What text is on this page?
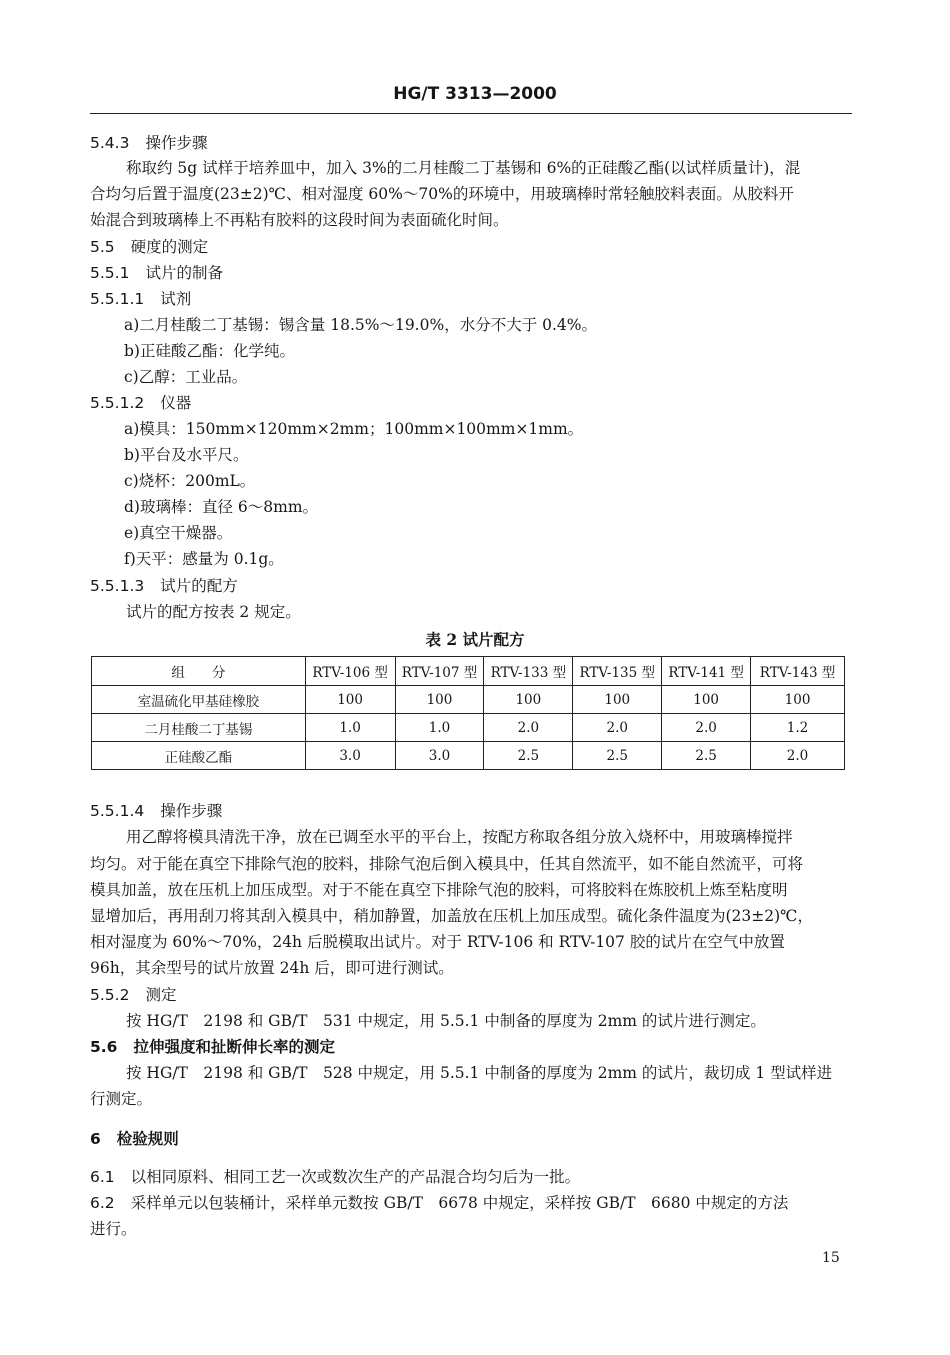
HG/T 3313—2000
5.4.3 操作步骤
称取约 5g 试样于培养皿中，加入 3%的二月桂酸二丁基锡和 6%的正硅酸乙酯(以试样质量计)，混
合均匀后置于温度(23±2)℃、相对湿度 60%～70%的环境中，用玻璃棒时常轻触胶料表面。从胶料开
始混合到玻璃棒上不再粘有胶料的这段时间为表面硫化时间。
5.5 硬度的测定
5.5.1 试片的制备
5.5.1.1 试剂
a)二月桂酸二丁基锡：锡含量 18.5%～19.0%，水分不大于 0.4%。
b)正硅酸乙酯：化学纯。
c)乙醇：工业品。
5.5.1.2 仪器
a)模具：150mm×120mm×2mm；100mm×100mm×1mm。
b)平台及水平尺。
c)烧杯：200mL。
d)玻璃棒：直径 6～8mm。
e)真空干燥器。
f)天平：感量为 0.1g。
5.5.1.3 试片的配方
试片的配方按表 2 规定。
表 2 试片配方
组　　分	RTV-106 型	RTV-107 型	RTV-133 型	RTV-135 型	RTV-141 型	RTV-143 型
室温硫化甲基硅橡胶	100	100	100	100	100	100
二月桂酸二丁基锡	1.0	1.0	2.0	2.0	2.0	1.2
正硅酸乙酯	3.0	3.0	2.5	2.5	2.5	2.0
5.5.1.4 操作步骤
用乙醇将模具清洗干净，放在已调至水平的平台上，按配方称取各组分放入烧杯中，用玻璃棒搅拌
均匀。对于能在真空下排除气泡的胶料，排除气泡后倒入模具中，任其自然流平，如不能自然流平，可将
模具加盖，放在压机上加压成型。对于不能在真空下排除气泡的胶料，可将胶料在炼胶机上炼至粘度明
显增加后，再用刮刀将其刮入模具中，稍加静置，加盖放在压机上加压成型。硫化条件温度为(23±2)℃，
相对湿度为 60%～70%，24h 后脱模取出试片。对于 RTV-106 和 RTV-107 胶的试片在空气中放置
96h，其余型号的试片放置 24h 后，即可进行测试。
5.5.2 测定
按 HG/T　2198 和 GB/T　531 中规定，用 5.5.1 中制备的厚度为 2mm 的试片进行测定。
5.6 拉伸强度和扯断伸长率的测定
按 HG/T　2198 和 GB/T　528 中规定，用 5.5.1 中制备的厚度为 2mm 的试片，裁切成 1 型试样进
行测定。
6 检验规则
6.1 以相同原料、相同工艺一次或数次生产的产品混合均匀后为一批。
6.2 采样单元以包装桶计，采样单元数按 GB/T　6678 中规定，采样按 GB/T　6680 中规定的方法
进行。
15
